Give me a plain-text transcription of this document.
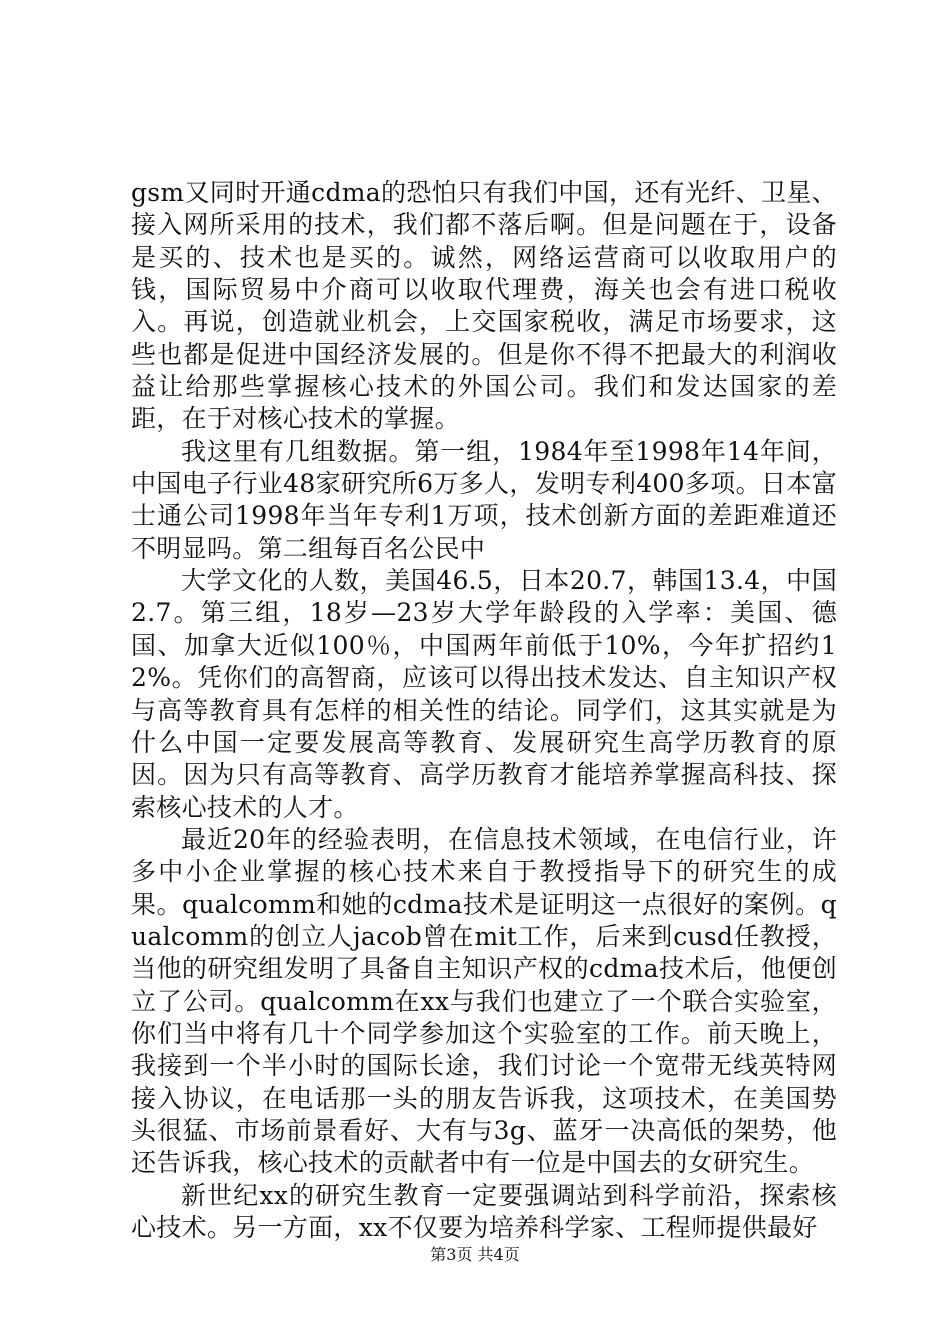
gsm又同时开通cdma的恐怕只有我们中国，还有光纤、卫星、接入网所采用的技术，我们都不落后啊。但是问题在于，设备是买的、技术也是买的。诚然，网络运营商可以收取用户的钱，国际贸易中介商可以收取代理费，海关也会有进口税收入。再说，创造就业机会，上交国家税收，满足市场要求，这些也都是促进中国经济发展的。但是你不得不把最大的利润收益让给那些掌握核心技术的外国公司。我们和发达国家的差距，在于对核心技术的掌握。

我这里有几组数据。第一组，1984年至1998年14年间，中国电子行业48家研究所6万多人，发明专利400多项。日本富士通公司1998年当年专利1万项，技术创新方面的差距难道还不明显吗。第二组每百名公民中

大学文化的人数，美国46.5，日本20.7，韩国13.4，中国2.7。第三组，18岁—23岁大学年龄段的入学率：美国、德国、加拿大近似100％，中国两年前低于10%，今年扩招约12%。凭你们的高智商，应该可以得出技术发达、自主知识产权与高等教育具有怎样的相关性的结论。同学们，这其实就是为什么中国一定要发展高等教育、发展研究生高学历教育的原因。因为只有高等教育、高学历教育才能培养掌握高科技、探索核心技术的人才。

最近20年的经验表明，在信息技术领域，在电信行业，许多中小企业掌握的核心技术来自于教授指导下的研究生的成果。qualcomm和她的cdma技术是证明这一点很好的案例。qualcomm的创立人jacob曾在mit工作，后来到cusd任教授，当他的研究组发明了具备自主知识产权的cdma技术后，他便创立了公司。qualcomm在xx与我们也建立了一个联合实验室，你们当中将有几十个同学参加这个实验室的工作。前天晚上，我接到一个半小时的国际长途，我们讨论一个宽带无线英特网接入协议，在电话那一头的朋友告诉我，这项技术，在美国势头很猛、市场前景看好、大有与3g、蓝牙一决高低的架势，他还告诉我，核心技术的贡献者中有一位是中国去的女研究生。

新世纪xx的研究生教育一定要强调站到科学前沿，探索核心技术。另一方面，xx不仅要为培养科学家、工程师提供最好

第3页 共4页
